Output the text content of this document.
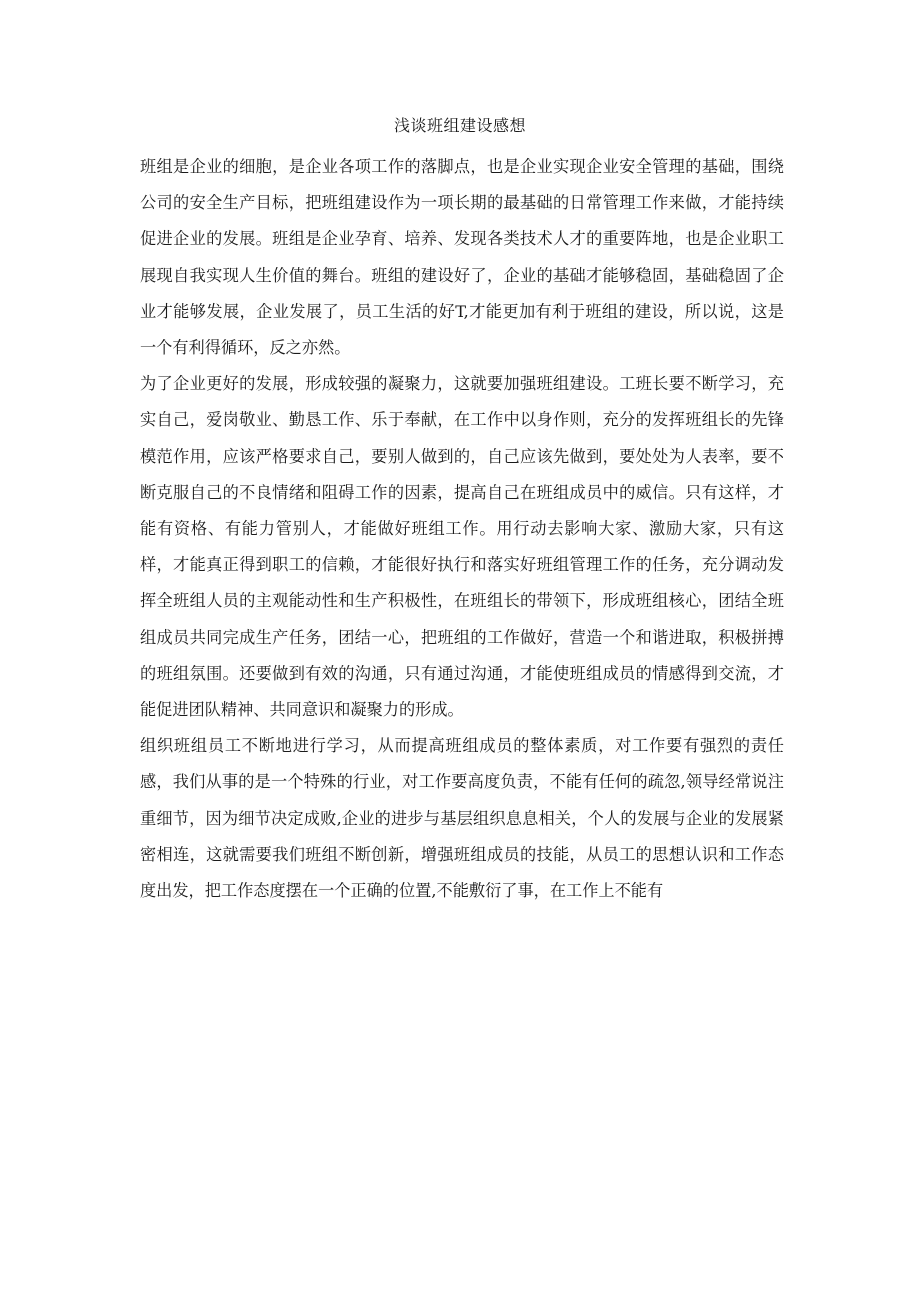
浅谈班组建设感想

班组是企业的细胞，是企业各项工作的落脚点，也是企业实现企业安全管理的基础，围绕公司的安全生产目标，把班组建设作为一项长期的最基础的日常管理工作来做，才能持续促进企业的发展。班组是企业孕育、培养、发现各类技术人才的重要阵地，也是企业职工展现自我实现人生价值的舞台。班组的建设好了，企业的基础才能够稳固，基础稳固了企业才能够发展，企业发展了，员工生活的好T,才能更加有利于班组的建设，所以说，这是一个有利得循环，反之亦然。

为了企业更好的发展，形成较强的凝聚力，这就要加强班组建设。工班长要不断学习，充实自己，爱岗敬业、勤恳工作、乐于奉献，在工作中以身作则，充分的发挥班组长的先锋模范作用，应该严格要求自己，要别人做到的，自己应该先做到，要处处为人表率，要不断克服自己的不良情绪和阻碍工作的因素，提高自己在班组成员中的威信。只有这样，才能有资格、有能力管别人，才能做好班组工作。用行动去影响大家、激励大家，只有这样，才能真正得到职工的信赖，才能很好执行和落实好班组管理工作的任务，充分调动发挥全班组人员的主观能动性和生产积极性，在班组长的带领下，形成班组核心，团结全班组成员共同完成生产任务，团结一心，把班组的工作做好，营造一个和谐进取，积极拼搏的班组氛围。还要做到有效的沟通，只有通过沟通，才能使班组成员的情感得到交流，才能促进团队精神、共同意识和凝聚力的形成。

组织班组员工不断地进行学习，从而提高班组成员的整体素质，对工作要有强烈的责任感，我们从事的是一个特殊的行业，对工作要高度负责，不能有任何的疏忽,领导经常说注重细节，因为细节决定成败,企业的进步与基层组织息息相关，个人的发展与企业的发展紧密相连，这就需要我们班组不断创新，增强班组成员的技能，从员工的思想认识和工作态度出发，把工作态度摆在一个正确的位置,不能敷衍了事，在工作上不能有
